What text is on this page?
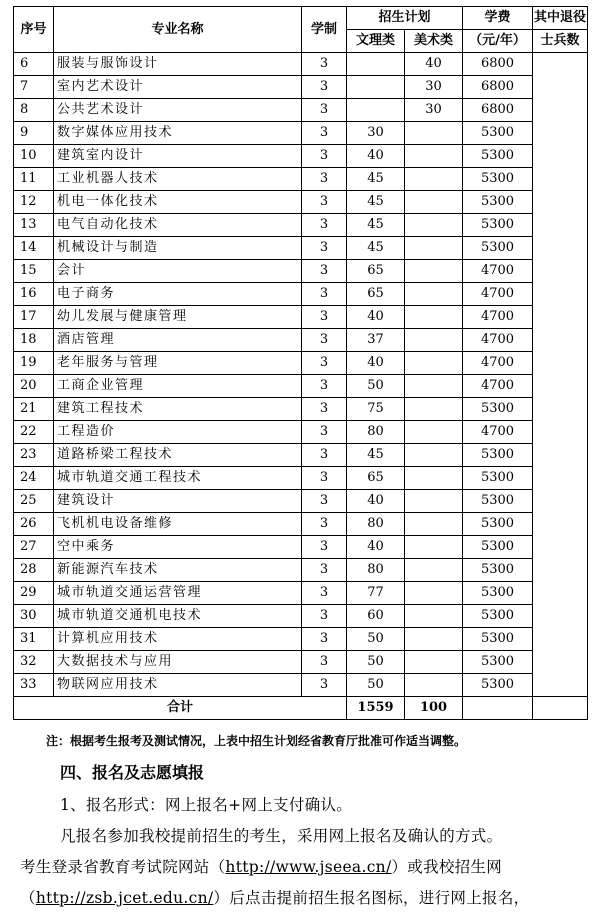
序号	专业名称	学制	招生计划		学费	其中退役
			文理类	美术类	（元/年）	士兵数
6	服装与服饰设计	3		40	6800	
7	室内艺术设计	3		30	6800	
8	公共艺术设计	3		30	6800	
9	数字媒体应用技术	3	30		5300	
10	建筑室内设计	3	40		5300	
11	工业机器人技术	3	45		5300	
12	机电一体化技术	3	45		5300	
13	电气自动化技术	3	45		5300	
14	机械设计与制造	3	45		5300	
15	会计	3	65		4700	
16	电子商务	3	65		4700	
17	幼儿发展与健康管理	3	40		4700	
18	酒店管理	3	37		4700	
19	老年服务与管理	3	40		4700	
20	工商企业管理	3	50		4700	
21	建筑工程技术	3	75		5300	
22	工程造价	3	80		4700	
23	道路桥梁工程技术	3	45		5300	
24	城市轨道交通工程技术	3	65		5300	
25	建筑设计	3	40		5300	
26	飞机机电设备维修	3	80		5300	
27	空中乘务	3	40		5300	
28	新能源汽车技术	3	80		5300	
29	城市轨道交通运营管理	3	77		5300	
30	城市轨道交通机电技术	3	60		5300	
31	计算机应用技术	3	50		5300	
32	大数据技术与应用	3	50		5300	
33	物联网应用技术	3	50		5300	
合计			1559	100		
注：根据考生报考及测试情况，上表中招生计划经省教育厅批准可作适当调整。
四、报名及志愿填报
1、报名形式：网上报名+网上支付确认。
凡报名参加我校提前招生的考生，采用网上报名及确认的方式。
考生登录省教育考试院网站（http://www.jseea.cn/）或我校招生网
（http://zsb.jcet.edu.cn/）后点击提前招生报名图标，进行网上报名，
